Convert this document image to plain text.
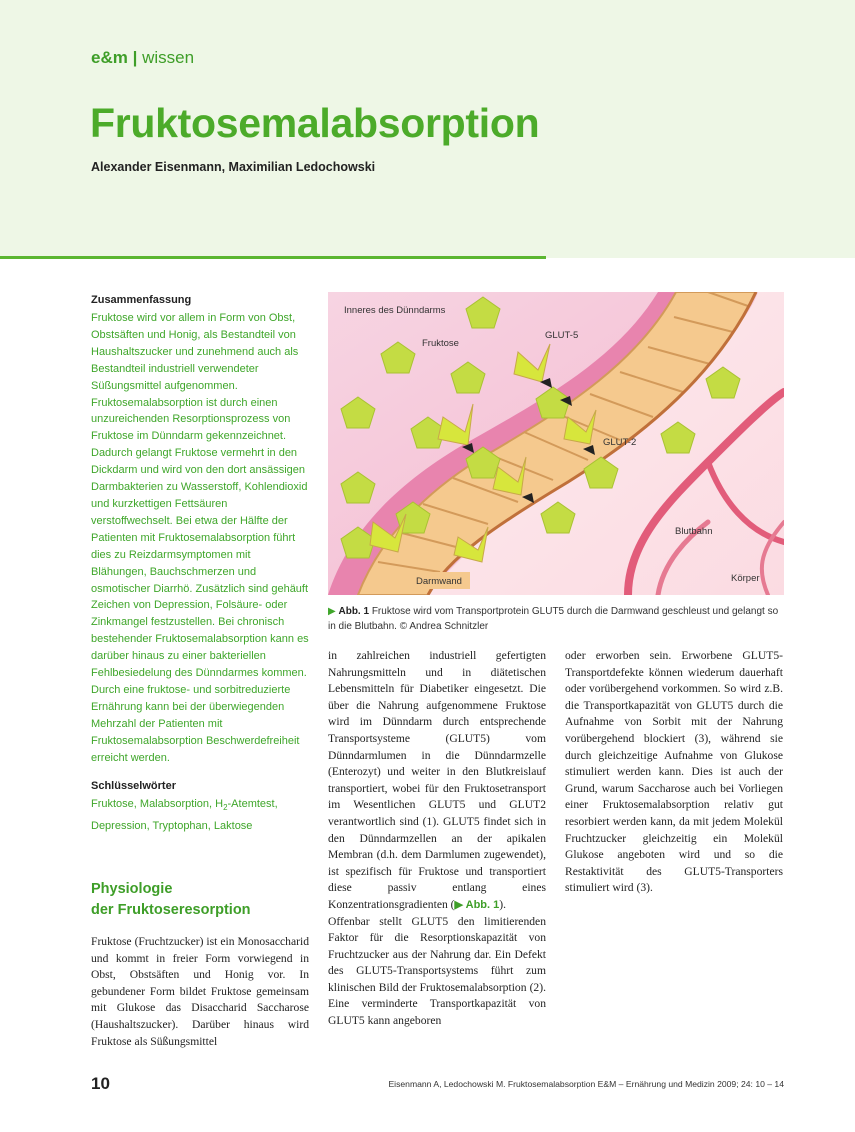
e&m | wissen
Fruktosemalabsorption
Alexander Eisenmann, Maximilian Ledochowski

Zusammenfassung

Fruktose wird vor allem in Form von Obst, Obstsäften und Honig, als Bestandteil von Haushaltszucker und zunehmend auch als Bestandteil industriell verwendeter Süßungsmittel aufgenommen. Fruktosemalabsorption ist durch einen unzureichenden Resorptionsprozess von Fruktose im Dünndarm gekennzeichnet. Dadurch gelangt Fruktose vermehrt in den Dickdarm und wird von den dort ansässigen Darmbakterien zu Wasserstoff, Kohlendioxid und kurzkettigen Fettsäuren verstoffwechselt. Bei etwa der Hälfte der Patienten mit Fruktosemalabsorption führt dies zu Reizdarmsymptomen mit Blähungen, Bauchschmerzen und osmotischer Diarrhö. Zusätzlich sind gehäuft Zeichen von Depression, Folsäure- oder Zinkmangel festzustellen. Bei chronisch bestehender Fruktosemalabsorption kann es darüber hinaus zu einer bakteriellen Fehlbesiedelung des Dünndarmes kommen. Durch eine fruktose- und sorbitreduzierte Ernährung kann bei der überwiegenden Mehrzahl der Patienten mit Fruktosemalabsorption Beschwerdefreiheit erreicht werden.

Schlüsselwörter

Fruktose, Malabsorption, $H_2$-Atemtest, Depression, Tryptophan, Laktose

Physiologie
der Fruktoseresorption

Fruktose (Fruchtzucker) ist ein Monosaccharid und kommt in freier Form vorwiegend in Obst, Obstsäften und Honig vor. In gebundener Form bildet Fruktose gemeinsam mit Glukose das Disaccharid Saccharose (Haushaltszucker). Darüber hinaus wird Fruktose als Süßungsmittel

in zahlreichen industriell gefertigten Nahrungsmitteln und in diätetischen Lebensmitteln für Diabetiker eingesetzt. Die über die Nahrung aufgenommene Fruktose wird im Dünndarm durch entsprechende Transportsysteme (GLUT5) vom Dünndarmlumen in die Dünndarmzelle (Enterozyt) und weiter in den Blutkreislauf transportiert, wobei für den Fruktosetransport im Wesentlichen GLUT5 und GLUT2 verantwortlich sind (1). GLUT5 findet sich in den Dünndarmzellen an der apikalen Membran (d.h. dem Darmlumen zugewendet), ist spezifisch für Fruktose und transportiert diese passiv entlang eines Konzentrationsgradienten (▶ Abb. 1).

Offenbar stellt GLUT5 den limitierenden Faktor für die Resorptionskapazität von Fruchtzucker aus der Nahrung dar. Ein Defekt des GLUT5-Transportsystems führt zum klinischen Bild der Fruktosemalabsorption (2). Eine verminderte Transportkapazität von GLUT5 kann angeboren

oder erworben sein. Erworbene GLUT5-Transportdefekte können wiederum dauerhaft oder vorübergehend vorkommen. So wird z.B. die Transportkapazität von GLUT5 durch die Aufnahme von Sorbit mit der Nahrung vorübergehend blockiert (3), während sie durch gleichzeitige Aufnahme von Glukose stimuliert werden kann. Dies ist auch der Grund, warum Saccharose auch bei Vorliegen einer Fruktosemalabsorption relativ gut resorbiert werden kann, da mit jedem Molekül Fruchtzucker gleichzeitig ein Molekül Glukose angeboten wird und so die Restaktivität des GLUT5-Transporters stimuliert wird (3).

Inneres des Dünndarms
Fruktose
GLUT-5
GLUT-2
Blutbahn
Körper
Darmwand
▶ Abb. 1 Fruktose wird vom Transportprotein GLUT5 durch die Darmwand geschleust und gelangt so in die Blutbahn. © Andrea Schnitzler
10	Eisenmann A, Ledochowski M. Fruktosemalabsorption E&M – Ernährung und Medizin 2009; 24: 10 – 14
